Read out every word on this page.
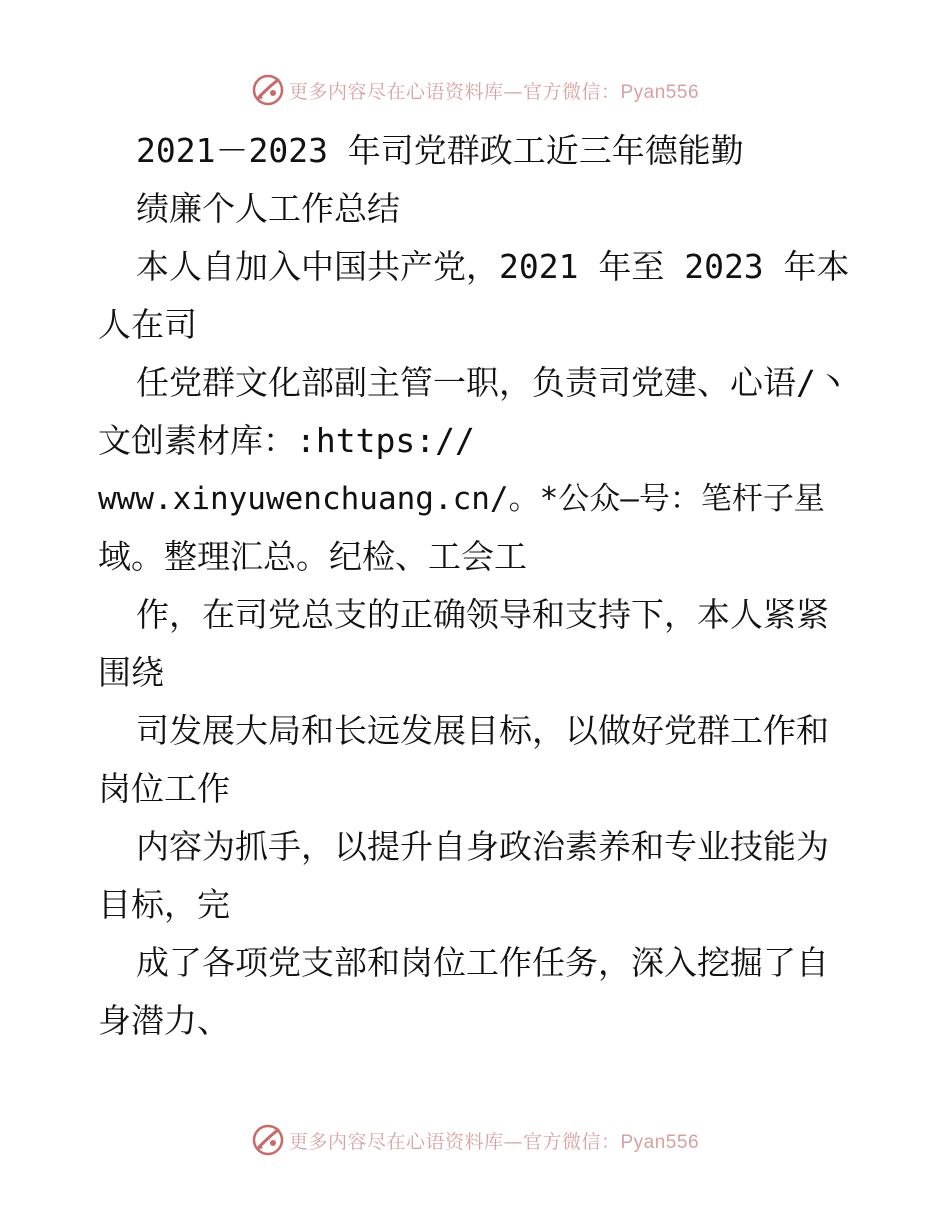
更多内容尽在心语资料库—官方微信：Pyan556
2021－2023 年司党群政工近三年德能勤
绩廉个人工作总结
本人自加入中国共产党，2021 年至 2023 年本
人在司
任党群文化部副主管一职，负责司党建、心语/丶
文创素材库：:https://
www.xinyuwenchuang.cn/。*公众—号：笔杆子星
域。整理汇总。纪检、工会工
作，在司党总支的正确领导和支持下，本人紧紧
围绕
司发展大局和长远发展目标，以做好党群工作和
岗位工作
内容为抓手，以提升自身政治素养和专业技能为
目标，完
成了各项党支部和岗位工作任务，深入挖掘了自
身潜力、
更多内容尽在心语资料库—官方微信：Pyan556
